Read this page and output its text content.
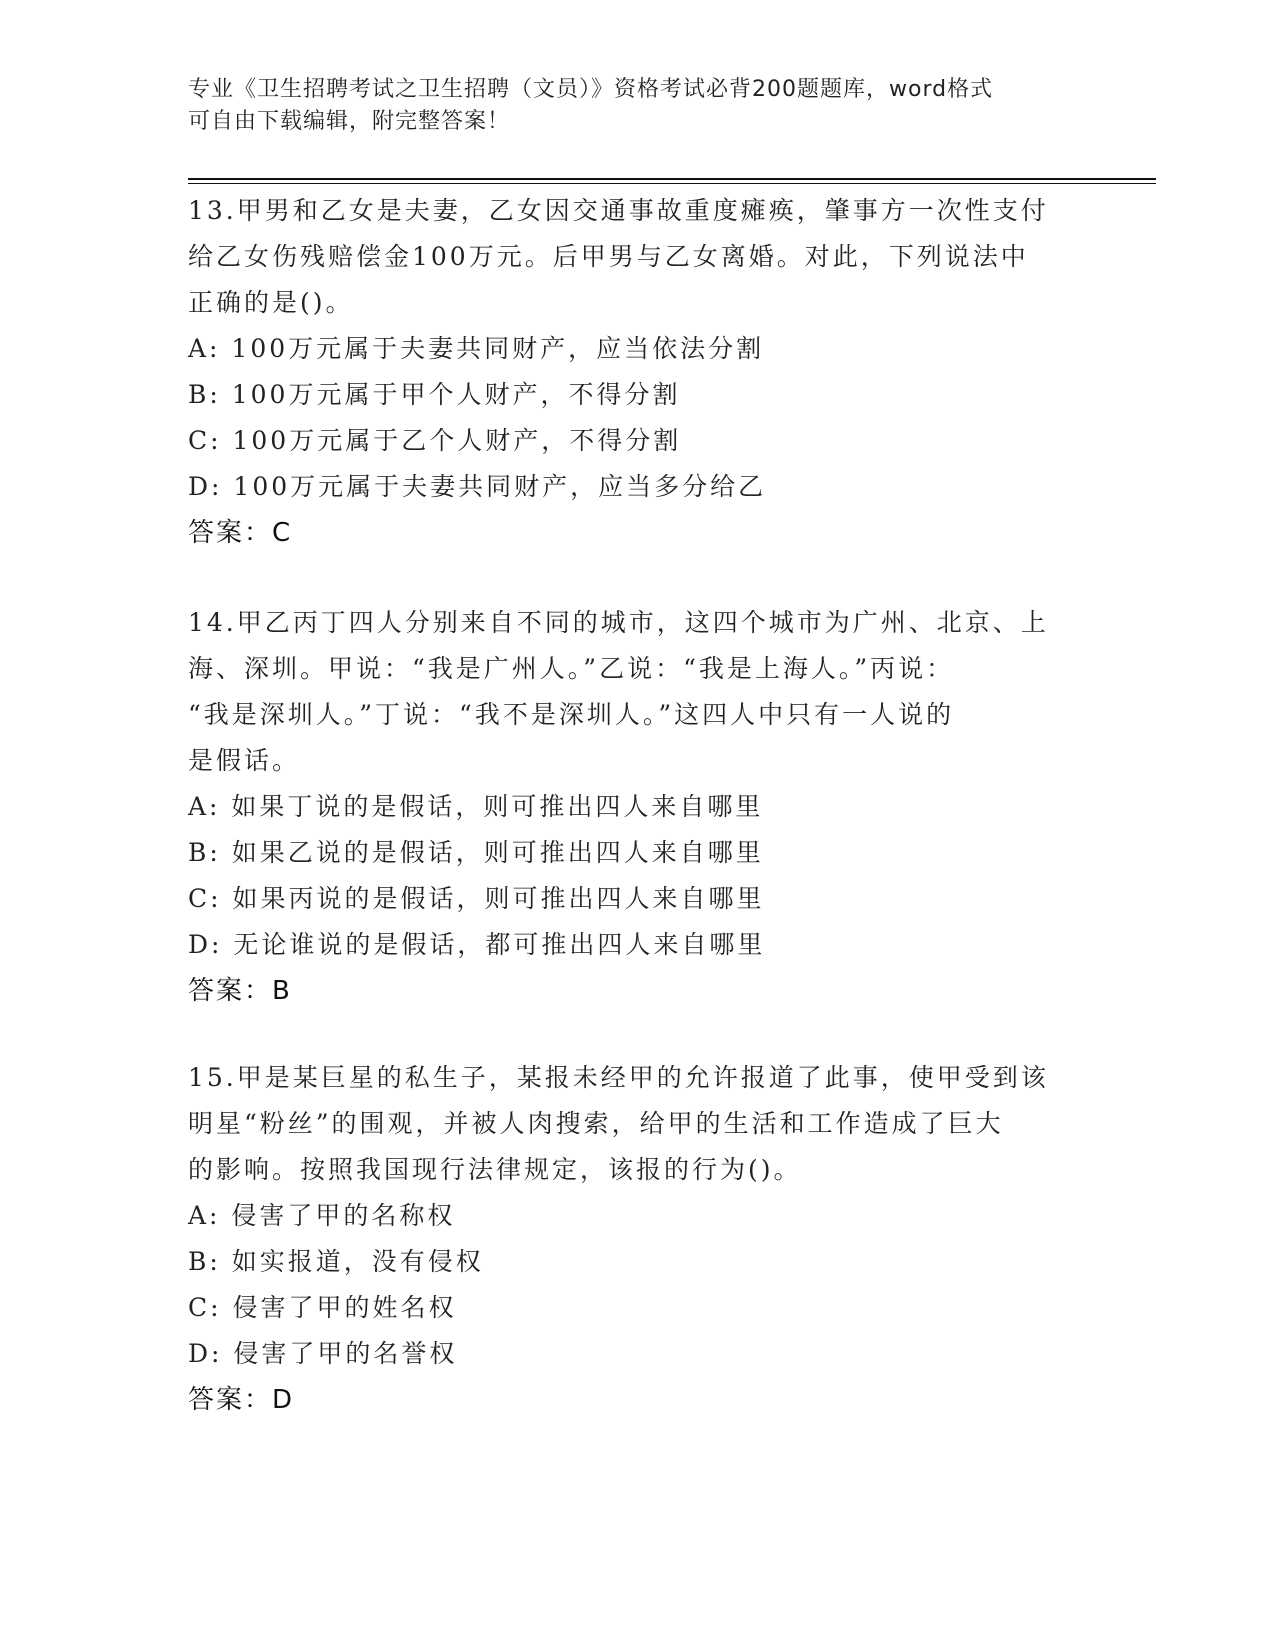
专业《卫生招聘考试之卫生招聘（文员）》资格考试必背200题题库，word格式

可自由下载编辑，附完整答案！

13.甲男和乙女是夫妻，乙女因交通事故重度瘫痪，肇事方一次性支付

给乙女伤残赔偿金100万元。后甲男与乙女离婚。对此，下列说法中

正确的是()。

A: 100万元属于夫妻共同财产，应当依法分割

B: 100万元属于甲个人财产，不得分割

C: 100万元属于乙个人财产，不得分割

D: 100万元属于夫妻共同财产，应当多分给乙

答案：C

14.甲乙丙丁四人分别来自不同的城市，这四个城市为广州、北京、上

海、深圳。甲说：“我是广州人。”乙说：“我是上海人。”丙说：

“我是深圳人。”丁说：“我不是深圳人。”这四人中只有一人说的

是假话。

A: 如果丁说的是假话，则可推出四人来自哪里

B: 如果乙说的是假话，则可推出四人来自哪里

C: 如果丙说的是假话，则可推出四人来自哪里

D: 无论谁说的是假话，都可推出四人来自哪里

答案：B

15.甲是某巨星的私生子，某报未经甲的允许报道了此事，使甲受到该

明星“粉丝”的围观，并被人肉搜索，给甲的生活和工作造成了巨大

的影响。按照我国现行法律规定，该报的行为()。

A: 侵害了甲的名称权

B: 如实报道，没有侵权

C: 侵害了甲的姓名权

D: 侵害了甲的名誉权

答案：D
